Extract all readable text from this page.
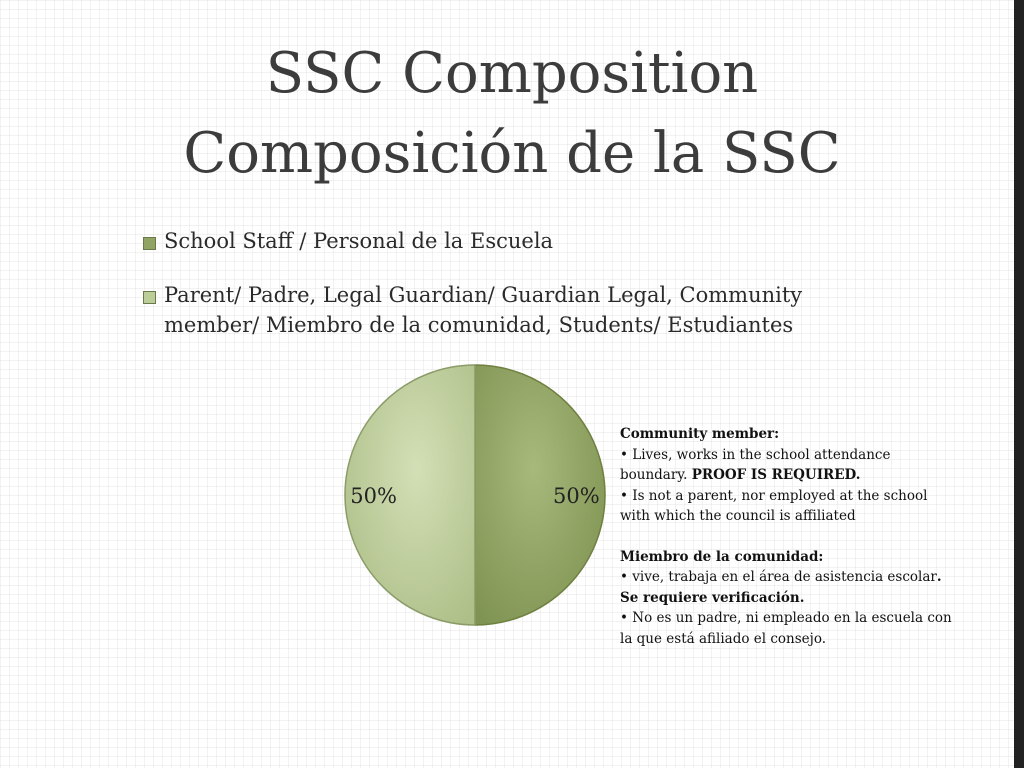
SSC Composition
Composición de la SSC
School Staff / Personal de la Escuela
Parent/ Padre, Legal Guardian/ Guardian Legal, Community member/ Miembro de la comunidad, Students/ Estudiantes
50%
50%

Community member:

• Lives, works in the school attendance boundary. PROOF IS REQUIRED.

• Is not a parent, nor employed at the school with which the council is affiliated

Miembro de la comunidad:

• vive, trabaja en el área de asistencia escolar. Se requiere verificación.

• No es un padre, ni empleado en la escuela con la que está afiliado el consejo.
